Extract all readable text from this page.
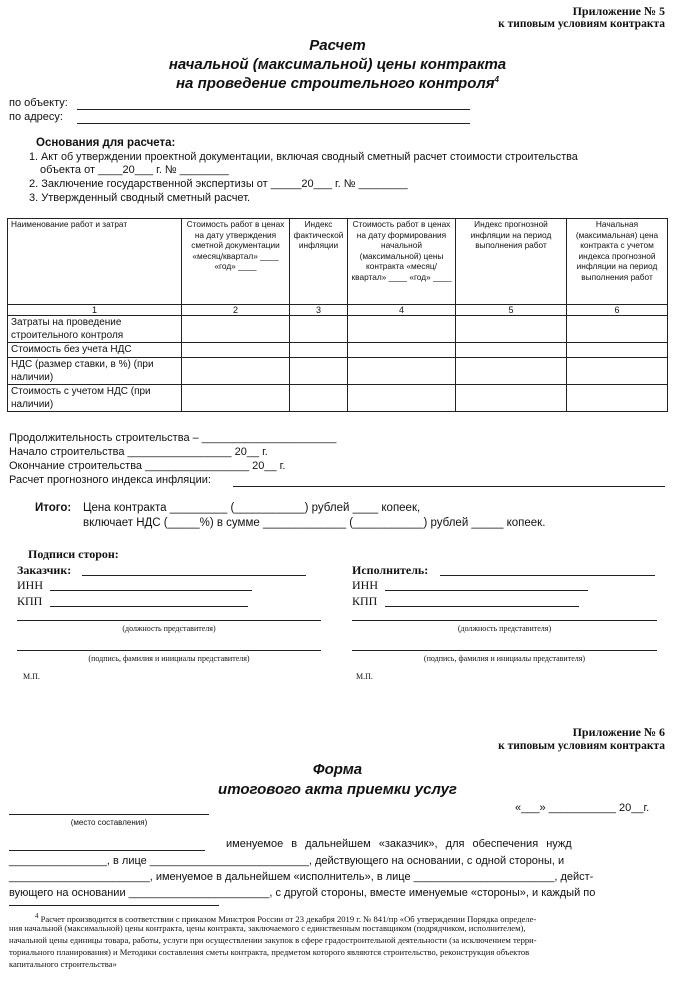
Приложение № 5
к типовым условиям контракта
Расчет
начальной (максимальной) цены контракта
на проведение строительного контроля$^4$
по объекту:
по адресу:
Основания для расчета:
1. Акт об утверждении проектной документации, включая сводный сметный расчет стоимости строительства
объекта от ____20___ г. № ________
2. Заключение государственной экспертизы от _____20___ г. № ________
3. Утвержденный сводный сметный расчет.
Наименование работ и затрат	Стоимость работ в ценах на дату утверждения сметной документации «месяц/квартал» ____ «год» ____	Индекс фактической инфляции	Стоимость работ в ценах на дату формирования начальной (максимальной) цены контракта «месяц/квартал» ____ «год» ____	Индекс прогнозной инфляции на период выполнения работ	Начальная (максимальная) цена контракта с учетом индекса прогнозной инфляции на период выполнения работ
1	2	3	4	5	6
Затраты на проведение строительного контроля					
Стоимость без учета НДС					
НДС (размер ставки, в %) (при наличии)					
Стоимость с учетом НДС (при наличии)					
Продолжительность строительства – ______________________
Начало строительства _________________ 20__ г.
Окончание строительства _________________ 20__ г.
Расчет прогнозного индекса инфляции:
Итого: Цена контракта _________ (___________) рублей ____ копеек,
включает НДС (_____%) в сумме _____________ (___________) рублей _____ копеек.
Подписи сторон:
Заказчик:
ИНН
КПП
(должность представителя)
(подпись, фамилия и инициалы представителя)
М.П.
Исполнитель:
ИНН
КПП
(должность представителя)
(подпись, фамилия и инициалы представителя)
М.П.
Приложение № 6
к типовым условиям контракта
Форма
итогового акта приемки услуг
(место составления)
«___» ___________ 20__г.
именуемое в дальнейшем «заказчик», для обеспечения нужд
________________, в лице __________________________, действующего на основании, с одной стороны, и
_______________________, именуемое в дальнейшем «исполнитель», в лице _______________________, дейст-
вующего на основании _______________________, с другой стороны, вместе именуемые «стороны», и каждый по
$^4$ Расчет производится в соответствии с приказом Минстроя России от 23 декабря 2019 г. № 841/пр «Об утверждении Порядка определе-
ния начальной (максимальной) цены контракта, цены контракта, заключаемого с единственным поставщиком (подрядчиком, исполнителем),
начальной цены единицы товара, работы, услуги при осуществлении закупок в сфере градостроительной деятельности (за исключением терри-
ториального планирования) и Методики составления сметы контракта, предметом которого являются строительство, реконструкция объектов
капитального строительства»
